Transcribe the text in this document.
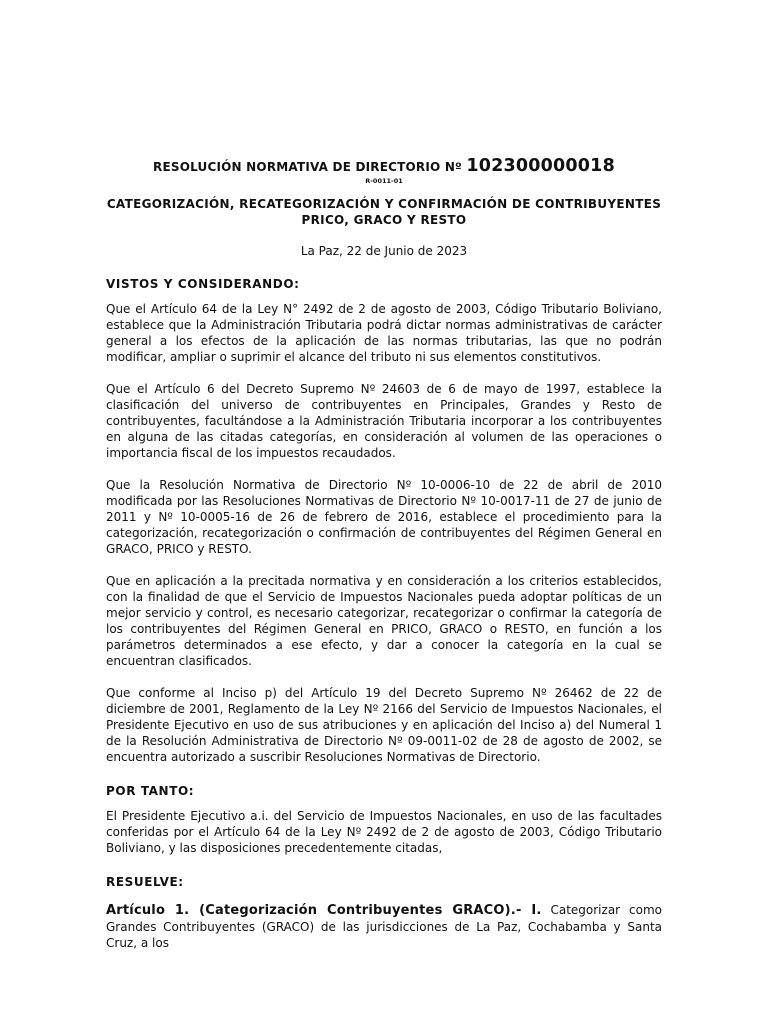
RESOLUCIÓN NORMATIVA DE DIRECTORIO Nº 102300000018
R-0011-01
CATEGORIZACIÓN, RECATEGORIZACIÓN Y CONFIRMACIÓN DE CONTRIBUYENTES
PRICO, GRACO Y RESTO
La Paz, 22 de Junio de 2023
VISTOS Y CONSIDERANDO:

Que el Artículo 64 de la Ley N° 2492 de 2 de agosto de 2003, Código Tributario Boliviano, establece que la Administración Tributaria podrá dictar normas administrativas de carácter general a los efectos de la aplicación de las normas tributarias, las que no podrán modificar, ampliar o suprimir el alcance del tributo ni sus elementos constitutivos.

Que el Artículo 6 del Decreto Supremo Nº 24603 de 6 de mayo de 1997, establece la clasificación del universo de contribuyentes en Principales, Grandes y Resto de contribuyentes, facultándose a la Administración Tributaria incorporar a los contribuyentes en alguna de las citadas categorías, en consideración al volumen de las operaciones o importancia fiscal de los impuestos recaudados.

Que la Resolución Normativa de Directorio Nº 10-0006-10 de 22 de abril de 2010 modificada por las Resoluciones Normativas de Directorio Nº 10-0017-11 de 27 de junio de 2011 y Nº 10-0005-16 de 26 de febrero de 2016, establece el procedimiento para la categorización, recategorización o confirmación de contribuyentes del Régimen General en GRACO, PRICO y RESTO.

Que en aplicación a la precitada normativa y en consideración a los criterios establecidos, con la finalidad de que el Servicio de Impuestos Nacionales pueda adoptar políticas de un mejor servicio y control, es necesario categorizar, recategorizar o confirmar la categoría de los contribuyentes del Régimen General en PRICO, GRACO o RESTO, en función a los parámetros determinados a ese efecto, y dar a conocer la categoría en la cual se encuentran clasificados.

Que conforme al Inciso p) del Artículo 19 del Decreto Supremo Nº 26462 de 22 de diciembre de 2001, Reglamento de la Ley Nº 2166 del Servicio de Impuestos Nacionales, el Presidente Ejecutivo en uso de sus atribuciones y en aplicación del Inciso a) del Numeral 1 de la Resolución Administrativa de Directorio Nº 09-0011-02 de 28 de agosto de 2002, se encuentra autorizado a suscribir Resoluciones Normativas de Directorio.

POR TANTO:

El Presidente Ejecutivo a.i. del Servicio de Impuestos Nacionales, en uso de las facultades conferidas por el Artículo 64 de la Ley Nº 2492 de 2 de agosto de 2003, Código Tributario Boliviano, y las disposiciones precedentemente citadas,

RESUELVE:

Artículo 1. (Categorización Contribuyentes GRACO).- I. Categorizar como Grandes Contribuyentes (GRACO) de las jurisdicciones de La Paz, Cochabamba y Santa Cruz, a los
